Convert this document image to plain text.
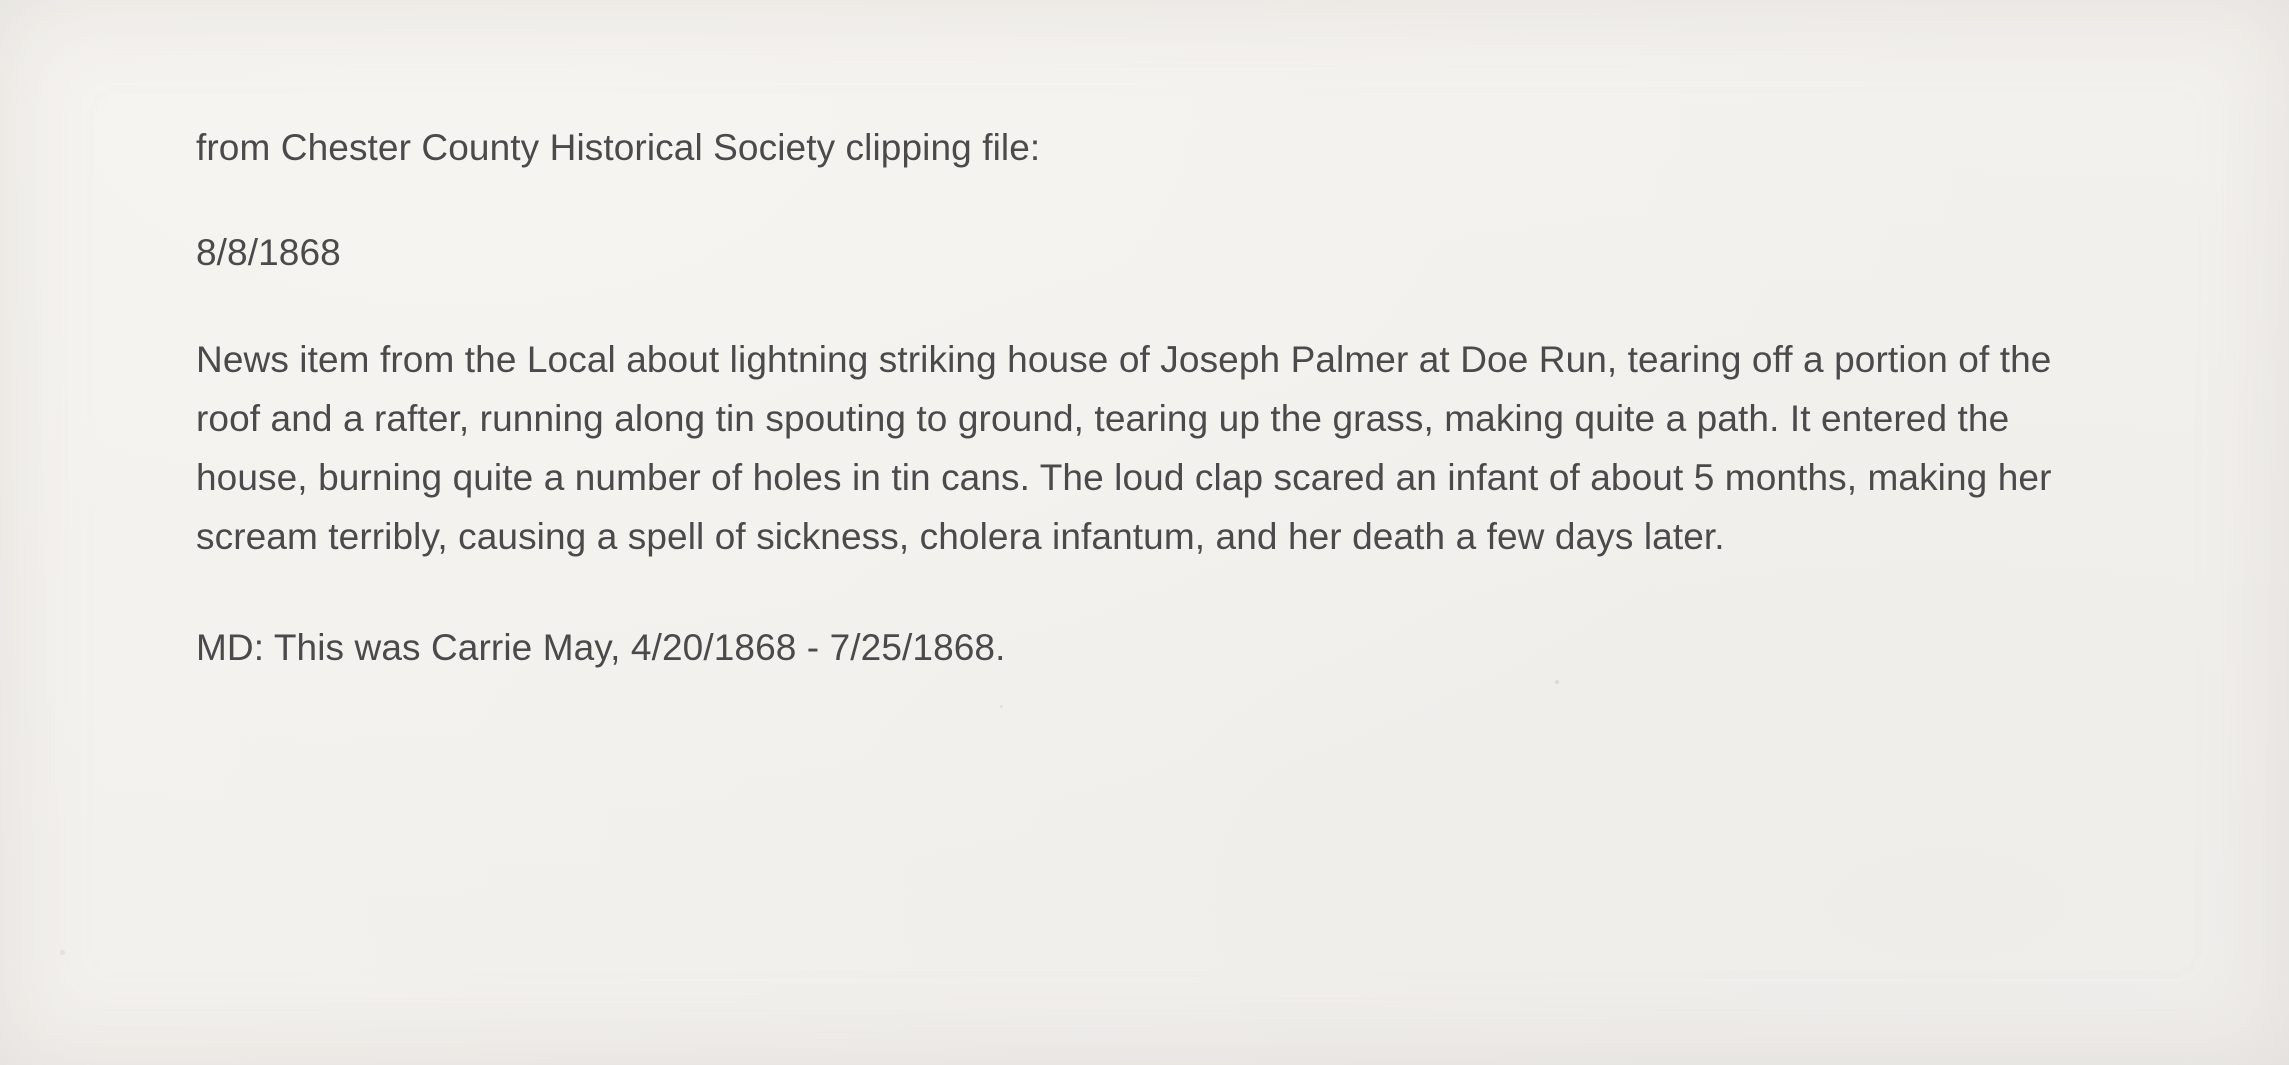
from Chester County Historical Society clipping file:

8/8/1868

News item from the Local about lightning striking house of Joseph Palmer at Doe Run, tearing off a portion of the roof and a rafter, running along tin spouting to ground, tearing up the grass, making quite a path. It entered the house, burning quite a number of holes in tin cans. The loud clap scared an infant of about 5 months, making her scream terribly, causing a spell of sickness, cholera infantum, and her death a few days later.

MD: This was Carrie May, 4/20/1868 - 7/25/1868.
